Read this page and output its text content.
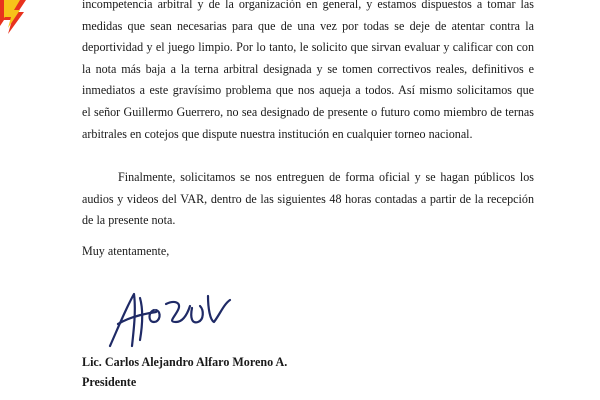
incompetencia arbitral y de la organización en general, y estamos dispuestos a tomar las
medidas que sean necesarias para que de una vez por todas se deje de atentar contra la
deportividad y el juego limpio. Por lo tanto, le solicito que sirvan evaluar y calificar con con
la nota más baja a la terna arbitral designada y se tomen correctivos reales, definitivos e
inmediatos a este gravísimo problema que nos aqueja a todos. Así mismo solicitamos que
el señor Guillermo Guerrero, no sea designado de presente o futuro como miembro de ternas
arbitrales en cotejos que dispute nuestra institución en cualquier torneo nacional.
Finalmente, solicitamos se nos entreguen de forma oficial y se hagan públicos los
audios y videos del VAR, dentro de las siguientes 48 horas contadas a partir de la recepción
de la presente nota.
Muy atentamente,
Lic. Carlos Alejandro Alfaro Moreno A.
Presidente
